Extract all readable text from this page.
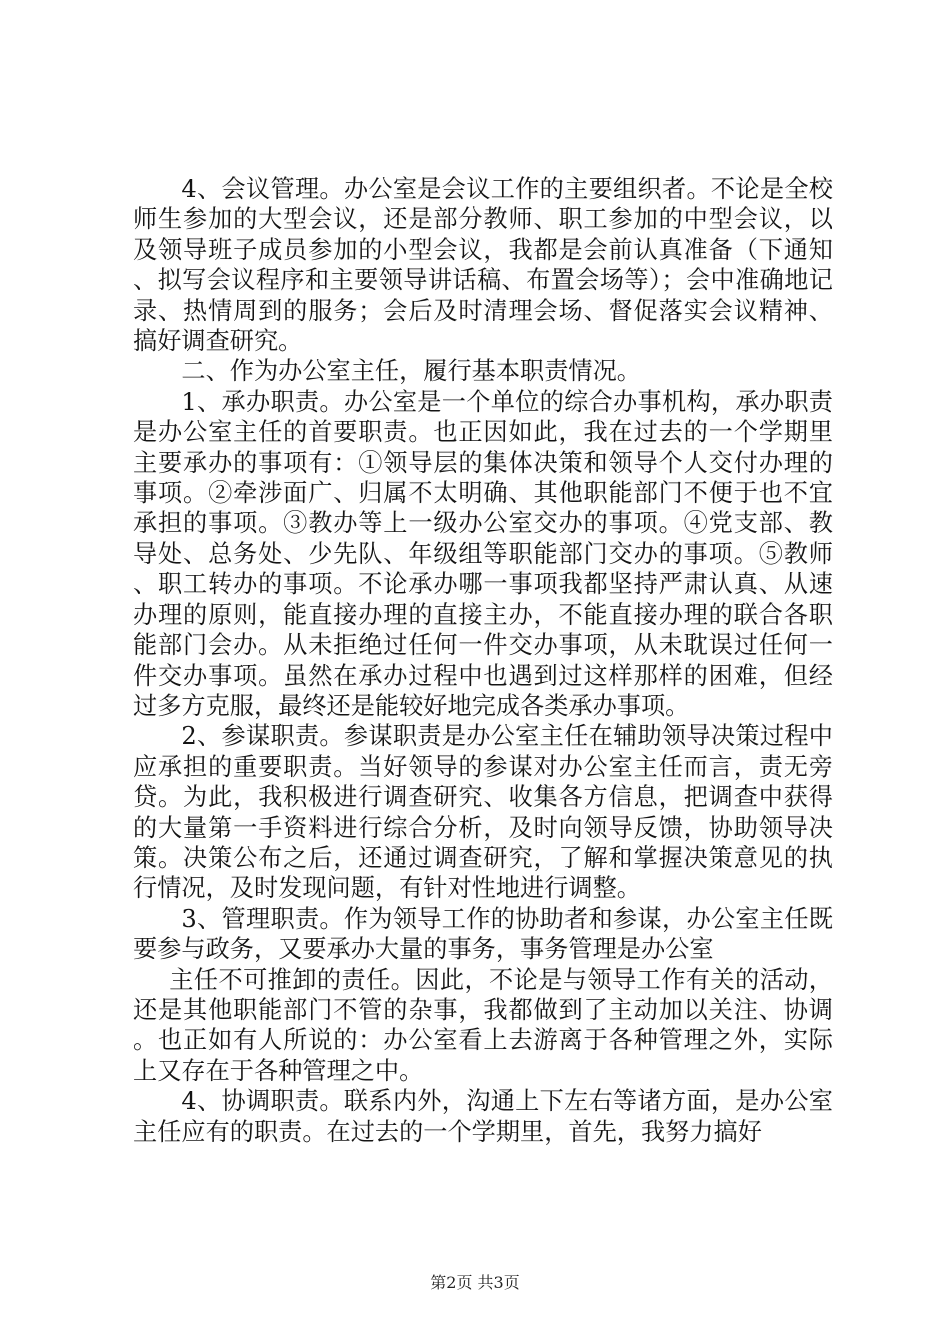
4、会议管理。办公室是会议工作的主要组织者。不论是全校师生参加的大型会议，还是部分教师、职工参加的中型会议，以及领导班子成员参加的小型会议，我都是会前认真准备（下通知、拟写会议程序和主要领导讲话稿、布置会场等）；会中准确地记录、热情周到的服务；会后及时清理会场、督促落实会议精神、搞好调查研究。

二、作为办公室主任，履行基本职责情况。

1、承办职责。办公室是一个单位的综合办事机构，承办职责是办公室主任的首要职责。也正因如此，我在过去的一个学期里主要承办的事项有：①领导层的集体决策和领导个人交付办理的事项。②牵涉面广、归属不太明确、其他职能部门不便于也不宜承担的事项。③教办等上一级办公室交办的事项。④党支部、教导处、总务处、少先队、年级组等职能部门交办的事项。⑤教师、职工转办的事项。不论承办哪一事项我都坚持严肃认真、从速办理的原则，能直接办理的直接主办，不能直接办理的联合各职能部门会办。从未拒绝过任何一件交办事项，从未耽误过任何一件交办事项。虽然在承办过程中也遇到过这样那样的困难，但经过多方克服，最终还是能较好地完成各类承办事项。

2、参谋职责。参谋职责是办公室主任在辅助领导决策过程中应承担的重要职责。当好领导的参谋对办公室主任而言，责无旁贷。为此，我积极进行调查研究、收集各方信息，把调查中获得的大量第一手资料进行综合分析，及时向领导反馈，协助领导决策。决策公布之后，还通过调查研究，了解和掌握决策意见的执行情况，及时发现问题，有针对性地进行调整。

3、管理职责。作为领导工作的协助者和参谋，办公室主任既要参与政务，又要承办大量的事务，事务管理是办公室

主任不可推卸的责任。因此，不论是与领导工作有关的活动，还是其他职能部门不管的杂事，我都做到了主动加以关注、协调。也正如有人所说的：办公室看上去游离于各种管理之外，实际上又存在于各种管理之中。

4、协调职责。联系内外，沟通上下左右等诸方面，是办公室主任应有的职责。在过去的一个学期里，首先，我努力搞好

第2页 共3页
